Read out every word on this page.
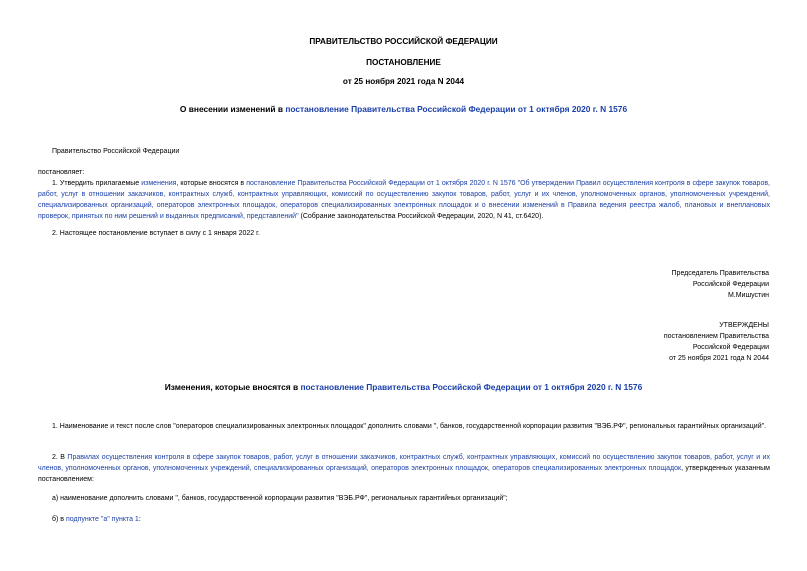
ПРАВИТЕЛЬСТВО РОССИЙСКОЙ ФЕДЕРАЦИИ
ПОСТАНОВЛЕНИЕ
от 25 ноября 2021 года N 2044
О внесении изменений в постановление Правительства Российской Федерации от 1 октября 2020 г. N 1576
Правительство Российской Федерации
постановляет:
1. Утвердить прилагаемые изменения, которые вносятся в постановление Правительства Российской Федерации от 1 октября 2020 г. N 1576 "Об утверждении Правил осуществления контроля в сфере закупок товаров, работ, услуг в отношении заказчиков, контрактных служб, контрактных управляющих, комиссий по осуществлению закупок товаров, работ, услуг и их членов, уполномоченных органов, уполномоченных учреждений, специализированных организаций, операторов электронных площадок, операторов специализированных электронных площадок и о внесении изменений в Правила ведения реестра жалоб, плановых и внеплановых проверок, принятых по ним решений и выданных предписаний, представлений" (Собрание законодательства Российской Федерации, 2020, N 41, ст.6420).
2. Настоящее постановление вступает в силу с 1 января 2022 г.
Председатель Правительства
Российской Федерации
М.Мишустин
УТВЕРЖДЕНЫ
постановлением Правительства
Российской Федерации
от 25 ноября 2021 года N 2044
Изменения, которые вносятся в постановление Правительства Российской Федерации от 1 октября 2020 г. N 1576
1. Наименование и текст после слов "операторов специализированных электронных площадок" дополнить словами ", банков, государственной корпорации развития "ВЭБ.РФ", региональных гарантийных организаций".
2. В Правилах осуществления контроля в сфере закупок товаров, работ, услуг в отношении заказчиков, контрактных служб, контрактных управляющих, комиссий по осуществлению закупок товаров, работ, услуг и их членов, уполномоченных органов, уполномоченных учреждений, специализированных организаций, операторов электронных площадок, операторов специализированных электронных площадок, утвержденных указанным постановлением:
а) наименование дополнить словами ", банков, государственной корпорации развития "ВЭБ.РФ", региональных гарантийных организаций";
б) в подпункте "а" пункта 1:
